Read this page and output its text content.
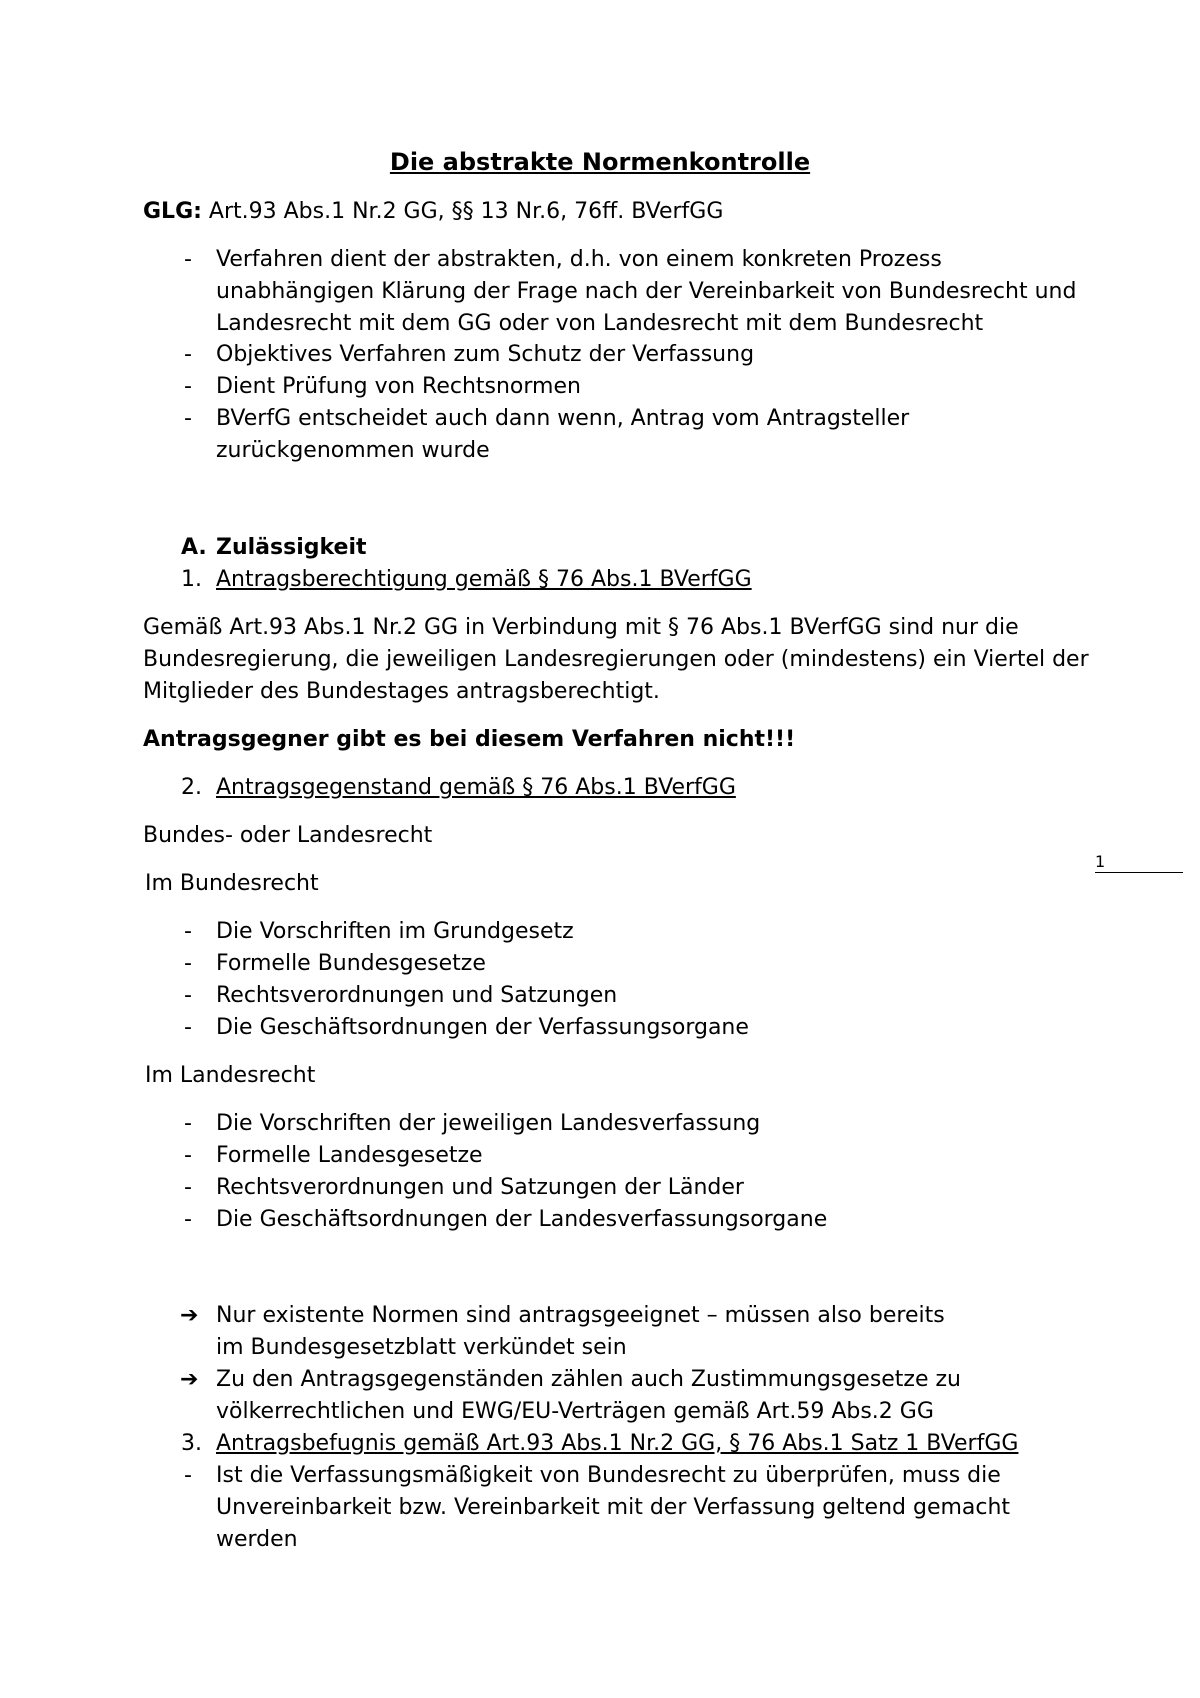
Die abstrakte Normenkontrolle
GLG: Art.93 Abs.1 Nr.2 GG, §§ 13 Nr.6, 76ff. BVerfGG
- Verfahren dient der abstrakten, d.h. von einem konkreten Prozess unabhängigen Klärung der Frage nach der Vereinbarkeit von Bundesrecht und Landesrecht mit dem GG oder von Landesrecht mit dem Bundesrecht
- Objektives Verfahren zum Schutz der Verfassung
- Dient Prüfung von Rechtsnormen
- BVerfG entscheidet auch dann wenn, Antrag vom Antragsteller zurückgenommen wurde
A. Zulässigkeit
1. Antragsberechtigung gemäß § 76 Abs.1 BVerfGG
Gemäß Art.93 Abs.1 Nr.2 GG in Verbindung mit § 76 Abs.1 BVerfGG sind nur die Bundesregierung, die jeweiligen Landesregierungen oder (mindestens) ein Viertel der Mitglieder des Bundestages antragsberechtigt.
Antragsgegner gibt es bei diesem Verfahren nicht!!!
2. Antragsgegenstand gemäß § 76 Abs.1 BVerfGG
Bundes- oder Landesrecht
Im Bundesrecht
- Die Vorschriften im Grundgesetz
- Formelle Bundesgesetze
- Rechtsverordnungen und Satzungen
- Die Geschäftsordnungen der Verfassungsorgane
Im Landesrecht
- Die Vorschriften der jeweiligen Landesverfassung
- Formelle Landesgesetze
- Rechtsverordnungen und Satzungen der Länder
- Die Geschäftsordnungen der Landesverfassungsorgane
➔ Nur existente Normen sind antragsgeeignet – müssen also bereits im Bundesgesetzblatt verkündet sein
➔ Zu den Antragsgegenständen zählen auch Zustimmungsgesetze zu völkerrechtlichen und EWG/EU-Verträgen gemäß Art.59 Abs.2 GG
3. Antragsbefugnis gemäß Art.93 Abs.1 Nr.2 GG, § 76 Abs.1 Satz 1 BVerfGG
- Ist die Verfassungsmäßigkeit von Bundesrecht zu überprüfen, muss die Unvereinbarkeit bzw. Vereinbarkeit mit der Verfassung geltend gemacht werden
1
